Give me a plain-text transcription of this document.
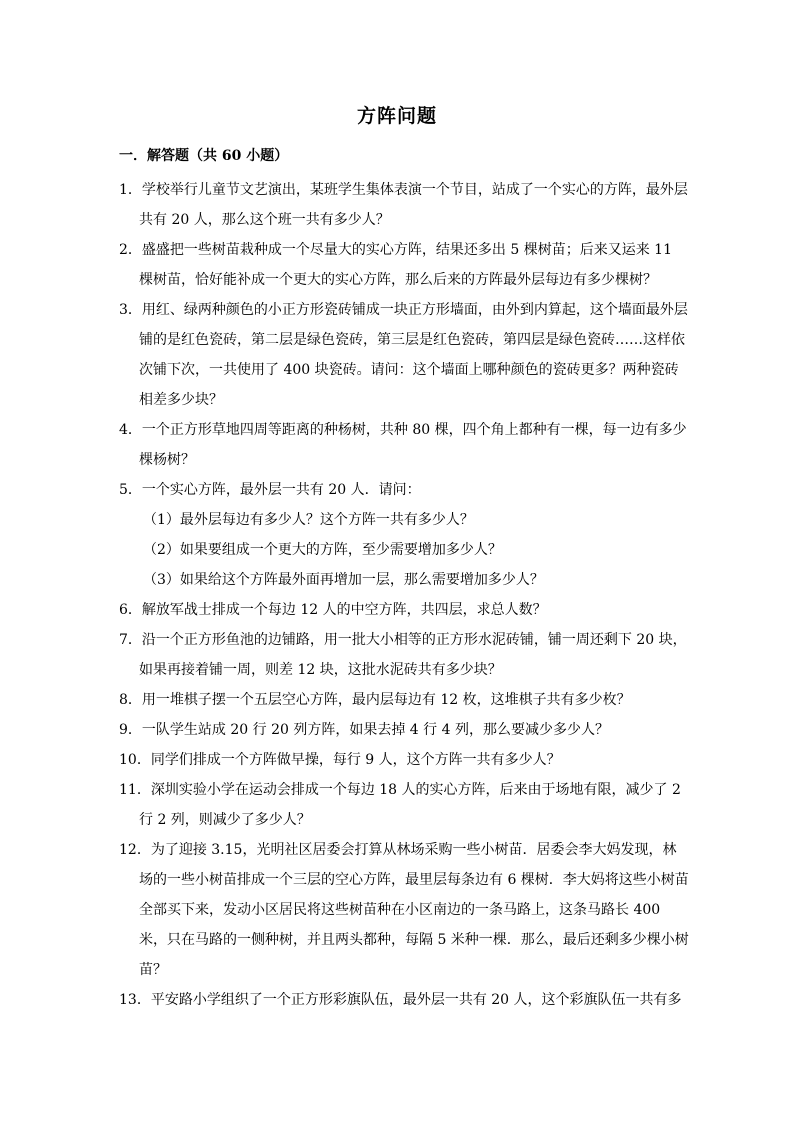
方阵问题
一．解答题（共 60 小题）

1．学校举行儿童节文艺演出，某班学生集体表演一个节目，站成了一个实心的方阵，最外层共有 20 人，那么这个班一共有多少人？

2．盛盛把一些树苗栽种成一个尽量大的实心方阵，结果还多出 5 棵树苗；后来又运来 11 棵树苗，恰好能补成一个更大的实心方阵，那么后来的方阵最外层每边有多少棵树？

3．用红、绿两种颜色的小正方形瓷砖铺成一块正方形墙面，由外到内算起，这个墙面最外层铺的是红色瓷砖，第二层是绿色瓷砖，第三层是红色瓷砖，第四层是绿色瓷砖……这样依次铺下次，一共使用了 400 块瓷砖。请问：这个墙面上哪种颜色的瓷砖更多？两种瓷砖相差多少块？

4．一个正方形草地四周等距离的种杨树，共种 80 棵，四个角上都种有一棵，每一边有多少棵杨树？

5．一个实心方阵，最外层一共有 20 人．请问：

（1）最外层每边有多少人？这个方阵一共有多少人？

（2）如果要组成一个更大的方阵，至少需要增加多少人？

（3）如果给这个方阵最外面再增加一层，那么需要增加多少人？

6．解放军战士排成一个每边 12 人的中空方阵，共四层，求总人数？

7．沿一个正方形鱼池的边铺路，用一批大小相等的正方形水泥砖铺，铺一周还剩下 20 块，如果再接着铺一周，则差 12 块，这批水泥砖共有多少块？

8．用一堆棋子摆一个五层空心方阵，最内层每边有 12 枚，这堆棋子共有多少枚？

9．一队学生站成 20 行 20 列方阵，如果去掉 4 行 4 列，那么要减少多少人？

10．同学们排成一个方阵做早操，每行 9 人，这个方阵一共有多少人？

11．深圳实验小学在运动会排成一个每边 18 人的实心方阵，后来由于场地有限，减少了 2 行 2 列，则减少了多少人？

12．为了迎接 3.15，光明社区居委会打算从林场采购一些小树苗．居委会李大妈发现，林场的一些小树苗排成一个三层的空心方阵，最里层每条边有 6 棵树．李大妈将这些小树苗全部买下来，发动小区居民将这些树苗种在小区南边的一条马路上，这条马路长 400 米，只在马路的一侧种树，并且两头都种，每隔 5 米种一棵．那么，最后还剩多少棵小树苗？

13．平安路小学组织了一个正方形彩旗队伍，最外层一共有 20 人，这个彩旗队伍一共有多
